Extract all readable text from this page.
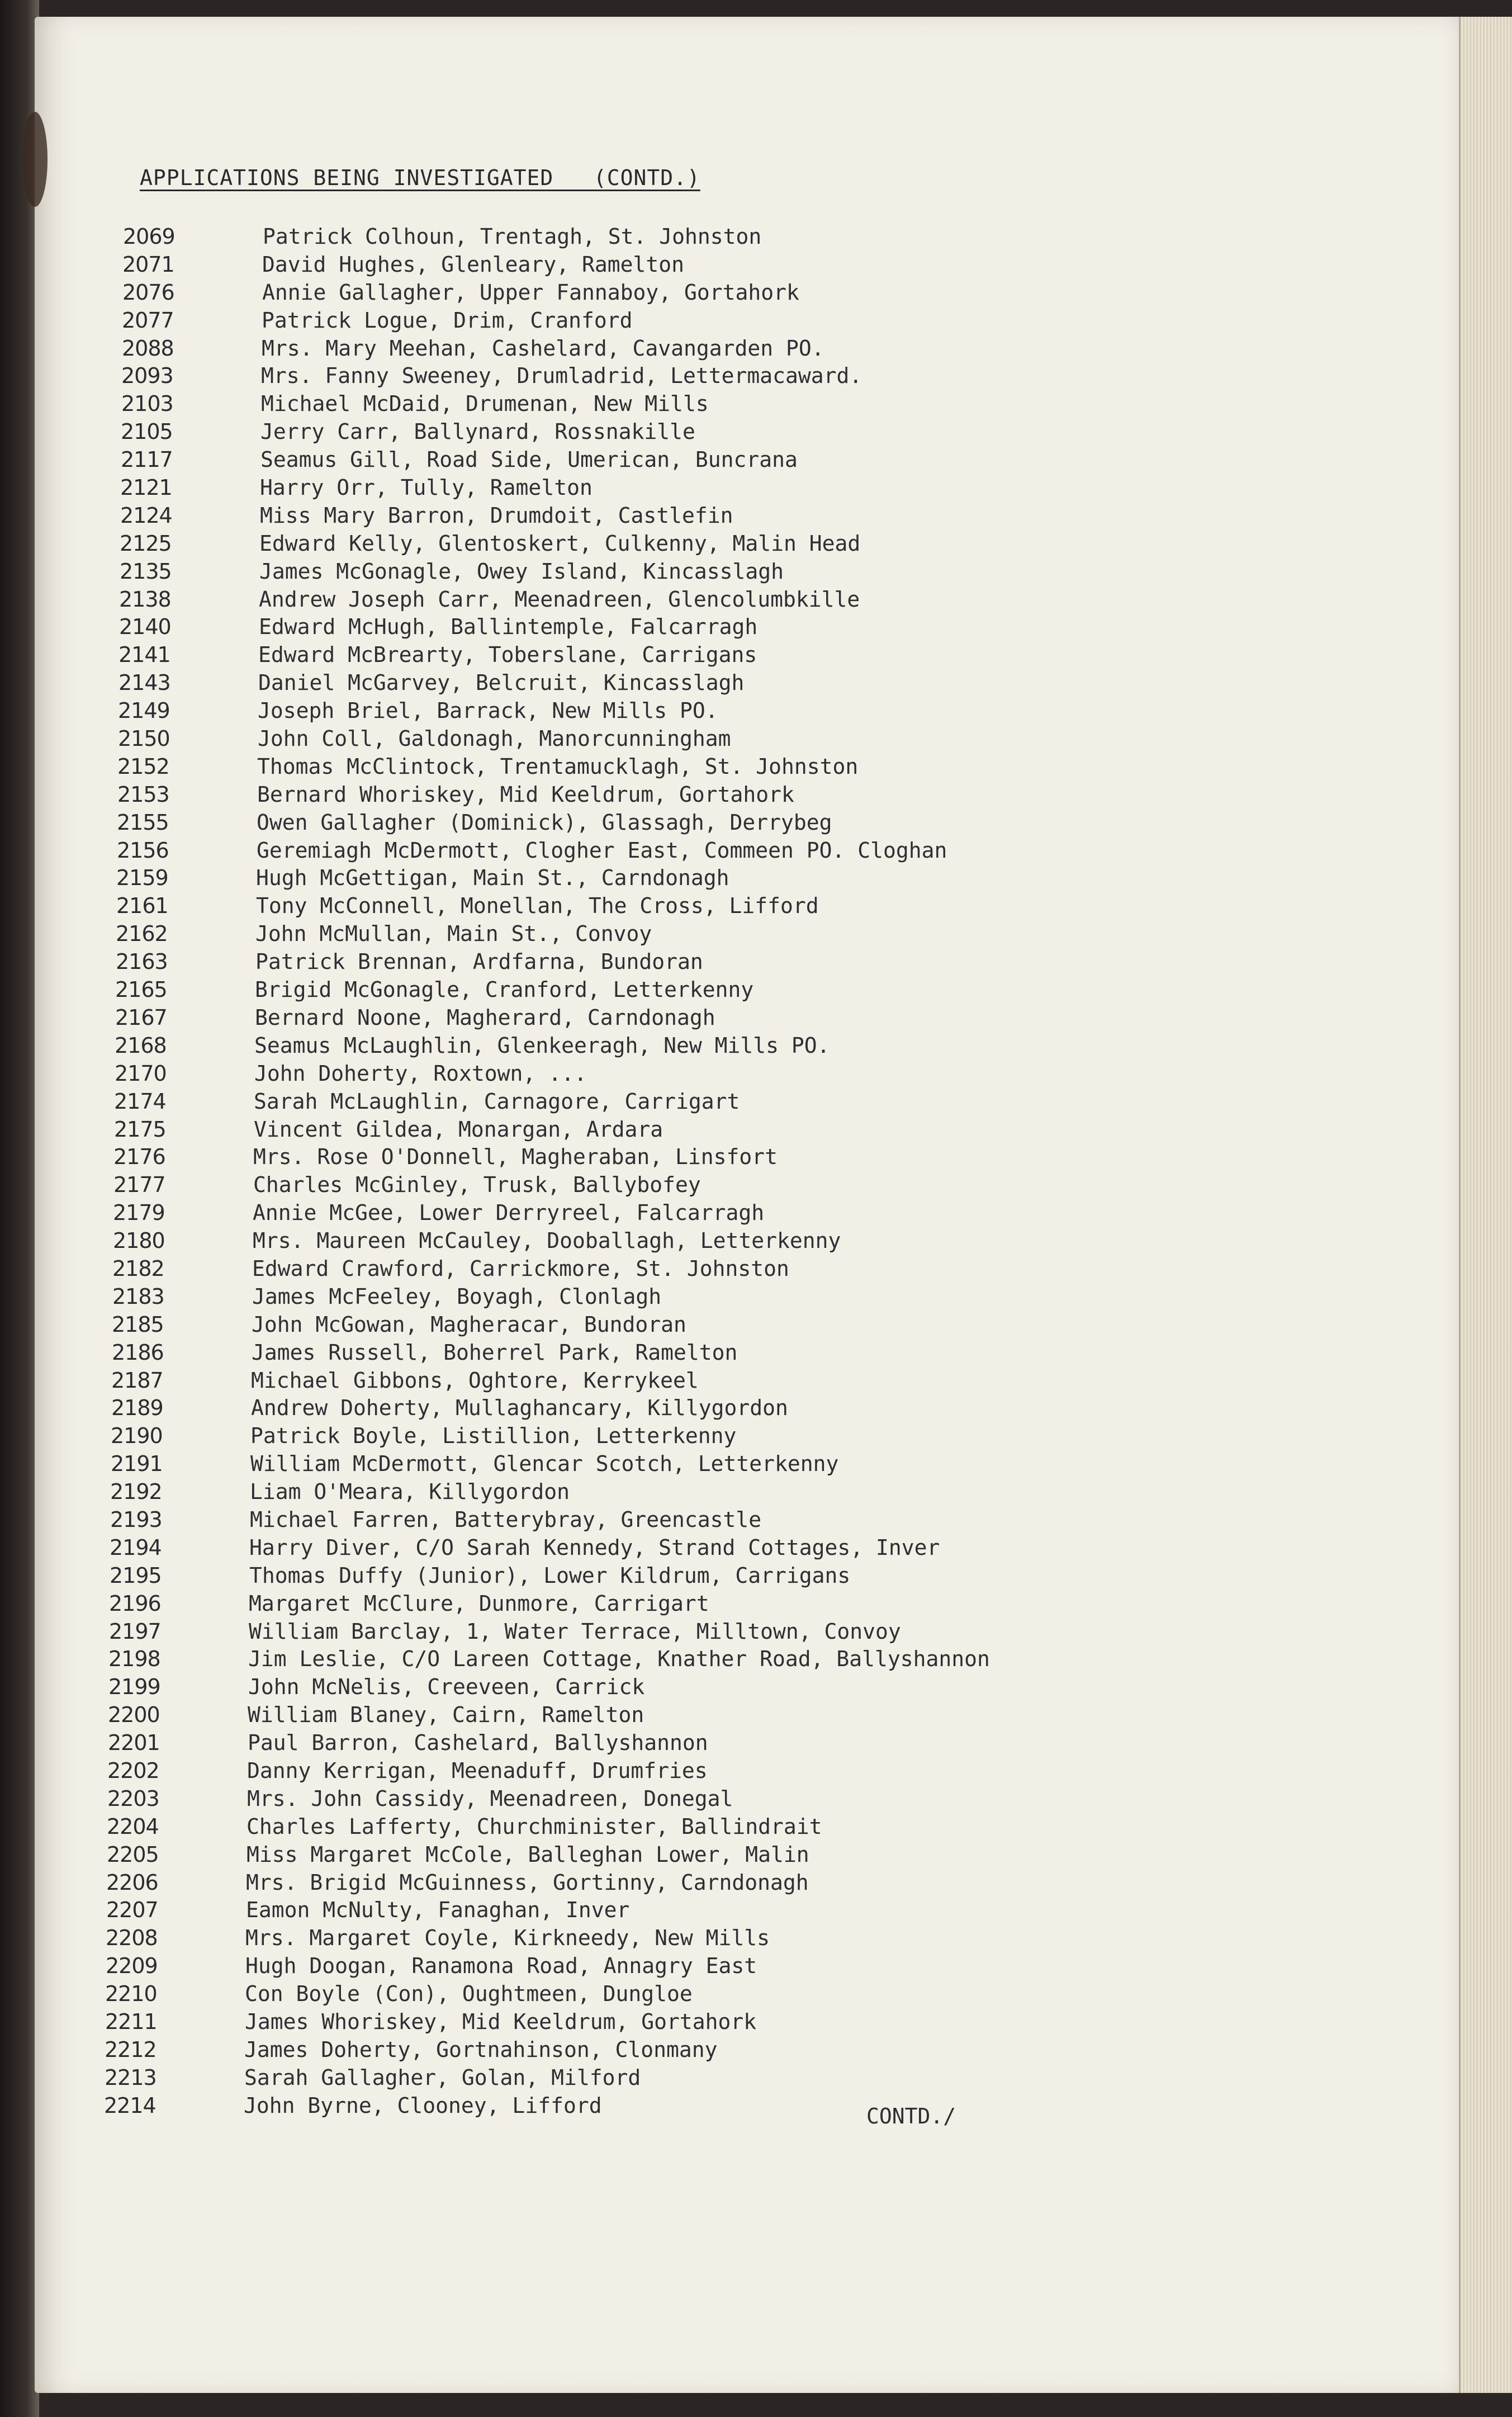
APPLICATIONS BEING INVESTIGATED   (CONTD.)
2069	Patrick Colhoun, Trentagh, St. Johnston
2071	David Hughes, Glenleary, Ramelton
2076	Annie Gallagher, Upper Fannaboy, Gortahork
2077	Patrick Logue, Drim, Cranford
2088	Mrs. Mary Meehan, Cashelard, Cavangarden PO.
2093	Mrs. Fanny Sweeney, Drumladrid, Lettermacaward.
2103	Michael McDaid, Drumenan, New Mills
2105	Jerry Carr, Ballynard, Rossnakille
2117	Seamus Gill, Road Side, Umerican, Buncrana
2121	Harry Orr, Tully, Ramelton
2124	Miss Mary Barron, Drumdoit, Castlefin
2125	Edward Kelly, Glentoskert, Culkenny, Malin Head
2135	James McGonagle, Owey Island, Kincasslagh
2138	Andrew Joseph Carr, Meenadreen, Glencolumbkille
2140	Edward McHugh, Ballintemple, Falcarragh
2141	Edward McBrearty, Toberslane, Carrigans
2143	Daniel McGarvey, Belcruit, Kincasslagh
2149	Joseph Briel, Barrack, New Mills PO.
2150	John Coll, Galdonagh, Manorcunningham
2152	Thomas McClintock, Trentamucklagh, St. Johnston
2153	Bernard Whoriskey, Mid Keeldrum, Gortahork
2155	Owen Gallagher (Dominick), Glassagh, Derrybeg
2156	Geremiagh McDermott, Clogher East, Commeen PO. Cloghan
2159	Hugh McGettigan, Main St., Carndonagh
2161	Tony McConnell, Monellan, The Cross, Lifford
2162	John McMullan, Main St., Convoy
2163	Patrick Brennan, Ardfarna, Bundoran
2165	Brigid McGonagle, Cranford, Letterkenny
2167	Bernard Noone, Magherard, Carndonagh
2168	Seamus McLaughlin, Glenkeeragh, New Mills PO.
2170	John Doherty, Roxtown, ...
2174	Sarah McLaughlin, Carnagore, Carrigart
2175	Vincent Gildea, Monargan, Ardara
2176	Mrs. Rose O'Donnell, Magheraban, Linsfort
2177	Charles McGinley, Trusk, Ballybofey
2179	Annie McGee, Lower Derryreel, Falcarragh
2180	Mrs. Maureen McCauley, Dooballagh, Letterkenny
2182	Edward Crawford, Carrickmore, St. Johnston
2183	James McFeeley, Boyagh, Clonlagh
2185	John McGowan, Magheracar, Bundoran
2186	James Russell, Boherrel Park, Ramelton
2187	Michael Gibbons, Oghtore, Kerrykeel
2189	Andrew Doherty, Mullaghancary, Killygordon
2190	Patrick Boyle, Listillion, Letterkenny
2191	William McDermott, Glencar Scotch, Letterkenny
2192	Liam O'Meara, Killygordon
2193	Michael Farren, Batterybray, Greencastle
2194	Harry Diver, C/O Sarah Kennedy, Strand Cottages, Inver
2195	Thomas Duffy (Junior), Lower Kildrum, Carrigans
2196	Margaret McClure, Dunmore, Carrigart
2197	William Barclay, 1, Water Terrace, Milltown, Convoy
2198	Jim Leslie, C/O Lareen Cottage, Knather Road, Ballyshannon
2199	John McNelis, Creeveen, Carrick
2200	William Blaney, Cairn, Ramelton
2201	Paul Barron, Cashelard, Ballyshannon
2202	Danny Kerrigan, Meenaduff, Drumfries
2203	Mrs. John Cassidy, Meenadreen, Donegal
2204	Charles Lafferty, Churchminister, Ballindrait
2205	Miss Margaret McCole, Balleghan Lower, Malin
2206	Mrs. Brigid McGuinness, Gortinny, Carndonagh
2207	Eamon McNulty, Fanaghan, Inver
2208	Mrs. Margaret Coyle, Kirkneedy, New Mills
2209	Hugh Doogan, Ranamona Road, Annagry East
2210	Con Boyle (Con), Oughtmeen, Dungloe
2211	James Whoriskey, Mid Keeldrum, Gortahork
2212	James Doherty, Gortnahinson, Clonmany
2213	Sarah Gallagher, Golan, Milford
2214	John Byrne, Clooney, Lifford	CONTD./
